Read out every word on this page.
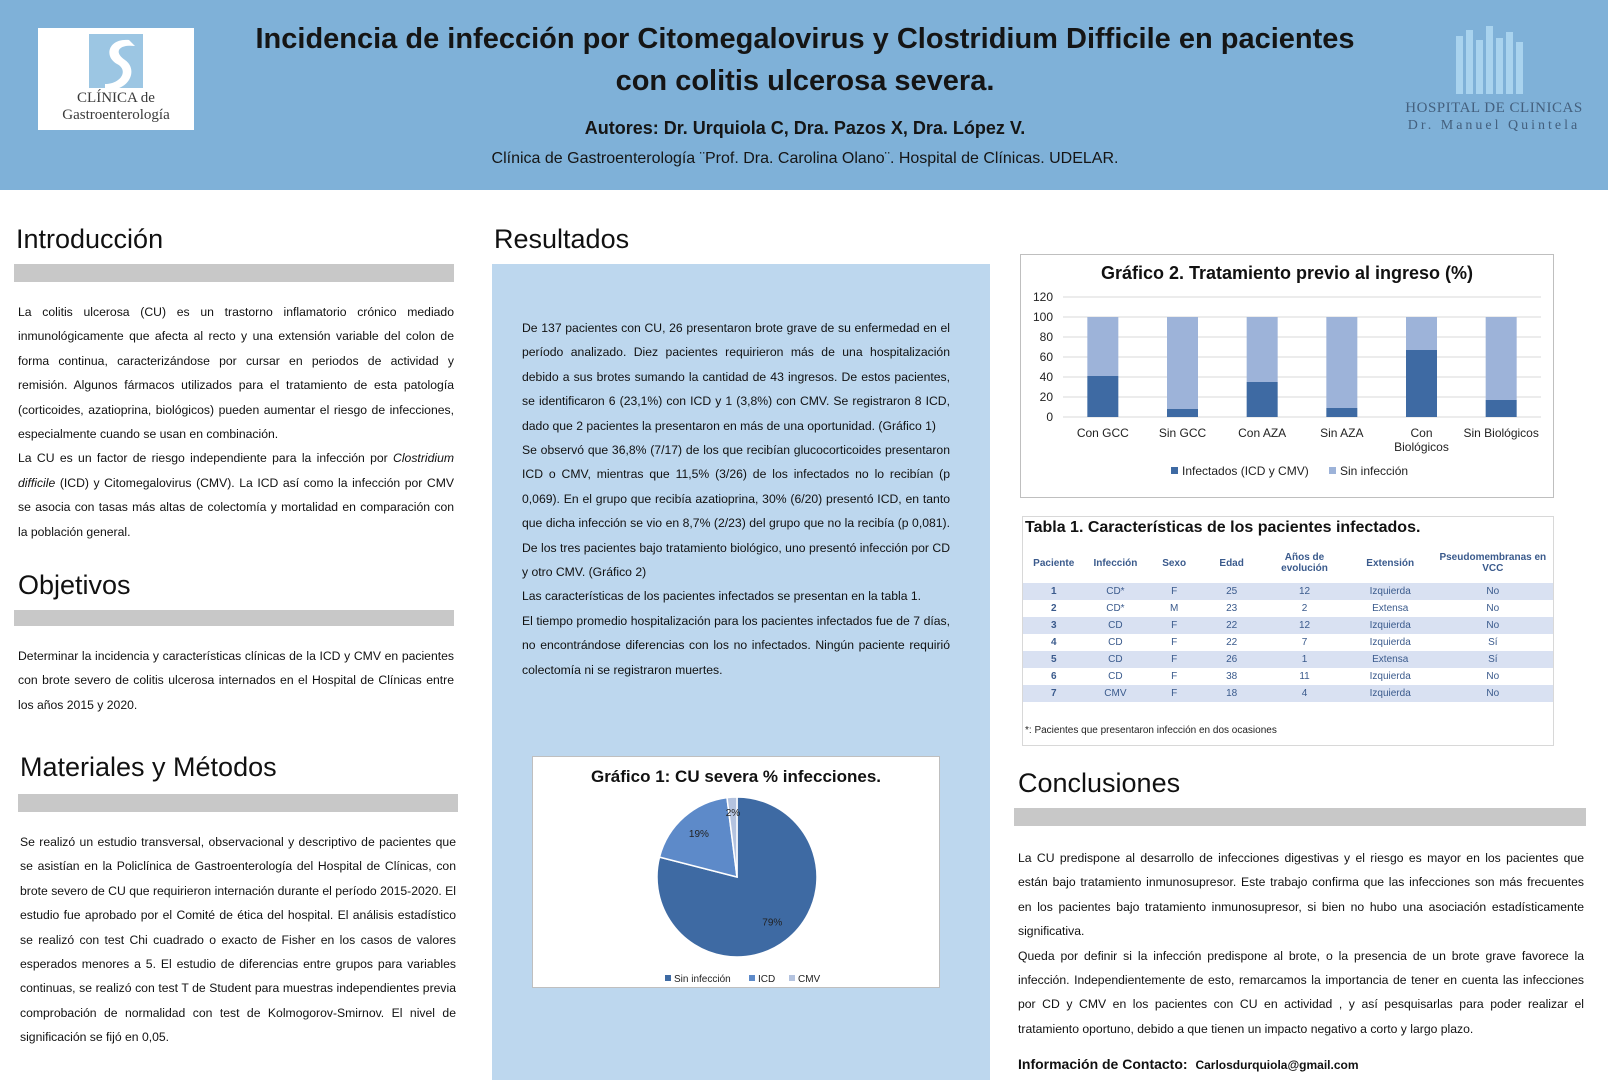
CLÍNICA de
Gastroenterología
Incidencia de infección por Citomegalovirus y Clostridium Difficile en pacientes
con colitis ulcerosa severa.
Autores: Dr. Urquiola C, Dra. Pazos X, Dra. López V.
Clínica de Gastroenterología ¨Prof. Dra. Carolina Olano¨. Hospital de Clínicas. UDELAR.
HOSPITAL DE CLINICAS
Dr. Manuel Quintela
Introducción

La colitis ulcerosa (CU) es un trastorno inflamatorio crónico mediado inmunológicamente que afecta al recto y una extensión variable del colon de forma continua, caracterizándose por cursar en periodos de actividad y remisión. Algunos fármacos utilizados para el tratamiento de esta patología (corticoides, azatioprina, biológicos) pueden aumentar el riesgo de infecciones, especialmente cuando se usan en combinación.

La CU es un factor de riesgo independiente para la infección por Clostridium difficile (ICD) y Citomegalovirus (CMV). La ICD así como la infección por CMV se asocia con tasas más altas de colectomía y mortalidad en comparación con la población general.

Objetivos
Determinar la incidencia y características clínicas de la ICD y CMV en pacientes con brote severo de colitis ulcerosa internados en el Hospital de Clínicas entre los años 2015 y 2020.
Materiales y Métodos
Se realizó un estudio transversal, observacional y descriptivo de pacientes que se asistían en la Policlínica de Gastroenterología del Hospital de Clínicas, con brote severo de CU que requirieron internación durante el período 2015-2020. El estudio fue aprobado por el Comité de ética del hospital. El análisis estadístico se realizó con test Chi cuadrado o exacto de Fisher en los casos de valores esperados menores a 5. El estudio de diferencias entre grupos para variables continuas, se realizó con test T de Student para muestras independientes previa comprobación de normalidad con test de Kolmogorov-Smirnov. El nivel de significación se fijó en 0,05.
Resultados

De 137 pacientes con CU, 26 presentaron brote grave de su enfermedad en el período analizado. Diez pacientes requirieron más de una hospitalización debido a sus brotes sumando la cantidad de 43 ingresos. De estos pacientes, se identificaron 6 (23,1%) con ICD y 1 (3,8%) con CMV. Se registraron 8 ICD, dado que 2 pacientes la presentaron en más de una oportunidad. (Gráfico 1)

Se observó que 36,8% (7/17) de los que recibían glucocorticoides presentaron ICD o CMV, mientras que 11,5% (3/26) de los infectados no lo recibían (p 0,069). En el grupo que recibía azatioprina, 30% (6/20) presentó ICD, en tanto que dicha infección se vio en 8,7% (2/23) del grupo que no la recibía (p 0,081). De los tres pacientes bajo tratamiento biológico, uno presentó infección por CD y otro CMV. (Gráfico 2)

Las características de los pacientes infectados se presentan en la tabla 1.

El tiempo promedio hospitalización para los pacientes infectados fue de 7 días, no encontrándose diferencias con los no infectados. Ningún paciente requirió colectomía ni se registraron muertes.

Gráfico 1: CU severa % infecciones.
79%
19%
2%
Sin infección	ICD CMV
Gráfico 2. Tratamiento previo al ingreso (%)
0
20
40
60
80
100
120
Con GCC Sin GCC	Con AZA	Sin AZA	Con Biológicos
Sin Biológicos
Infectados (ICD y CMV)	Sin infección
Tabla 1. Características de los pacientes infectados.
Paciente	Infección	Sexo	Edad	Años de evolución	Extensión	Pseudomembranas en VCC
1	CD*	F	25	12	Izquierda	No
2	CD*	M	23	2	Extensa	No
3	CD	F	22	12	Izquierda	No
4	CD	F	22	7	Izquierda	Sí
5	CD	F	26	1	Extensa	Sí
6	CD	F	38	11	Izquierda	No
7	CMV	F	18	4	Izquierda	No
*: Pacientes que presentaron infección en dos ocasiones
Conclusiones

La CU predispone al desarrollo de infecciones digestivas y el riesgo es mayor en los pacientes que están bajo tratamiento inmunosupresor. Este trabajo confirma que las infecciones son más frecuentes en los pacientes bajo tratamiento inmunosupresor, si bien no hubo una asociación estadísticamente significativa.

Queda por definir si la infección predispone al brote, o la presencia de un brote grave favorece la infección. Independientemente de esto, remarcamos la importancia de tener en cuenta las infecciones por CD y CMV en los pacientes con CU en actividad , y así pesquisarlas para poder realizar el tratamiento oportuno, debido a que tienen un impacto negativo a corto y largo plazo.

Información de Contacto: Carlosdurquiola@gmail.com
